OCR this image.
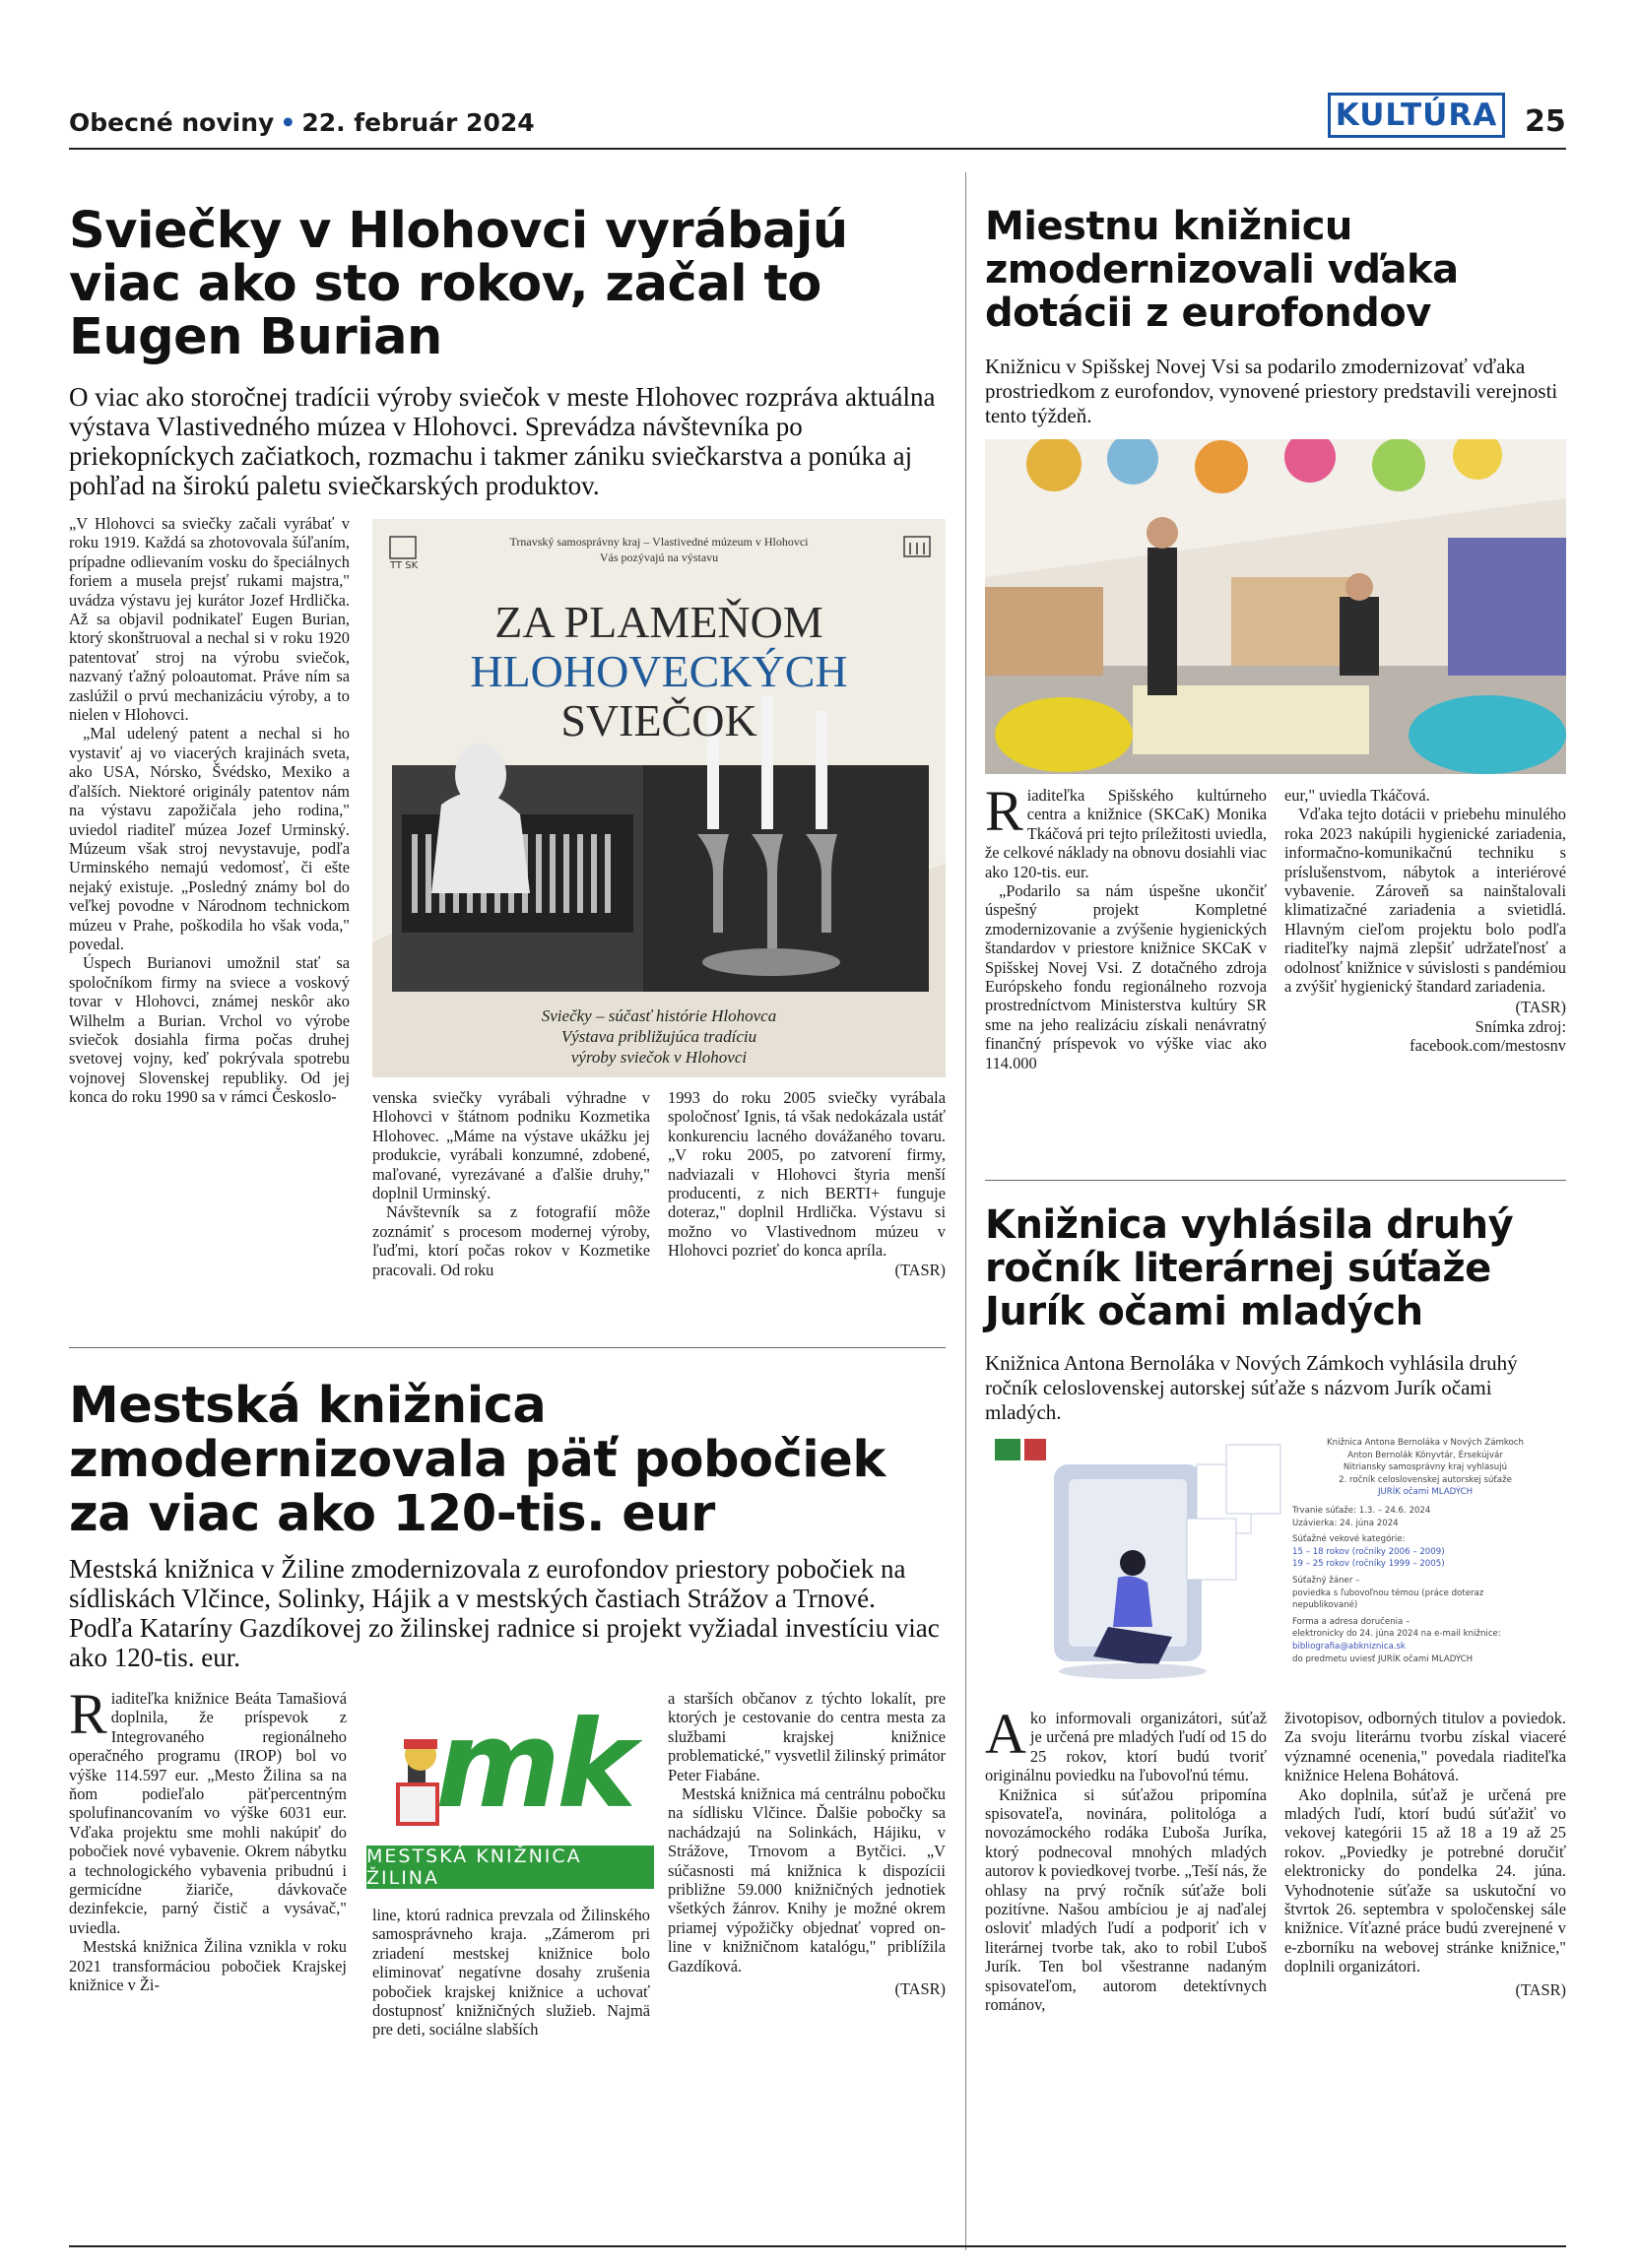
Obecné noviny • 22. február 2024	KULTÚRA 25
Sviečky v Hlohovci vyrábajú viac ako sto rokov, začal to Eugen Burian

O viac ako storočnej tradícii výroby sviečok v meste Hlohovec rozpráva aktuálna výstava Vlastivedného múzea v Hlohovci. Sprevádza návštevníka po priekopníckych začiatkoch, rozmachu i takmer zániku sviečkarstva a ponúka aj pohľad na širokú paletu sviečkarských produktov.

„V Hlohovci sa sviečky začali vyrábať v roku 1919. Každá sa zhotovovala šúľaním, prípadne odlievaním vosku do špeciálnych foriem a musela prejsť rukami majstra," uvádza výstavu jej kurátor Jozef Hrdlička. Až sa objavil podnikateľ Eugen Burian, ktorý skonštruoval a nechal si v roku 1920 patentovať stroj na výrobu sviečok, nazvaný ťažný poloautomat. Práve ním sa zaslúžil o prvú mechanizáciu výroby, a to nielen v Hlohovci.

„Mal udelený patent a nechal si ho vystaviť aj vo viacerých krajinách sveta, ako USA, Nórsko, Švédsko, Mexiko a ďalších. Niektoré originály patentov nám na výstavu zapožičala jeho rodina," uviedol riaditeľ múzea Jozef Urminský. Múzeum však stroj nevystavuje, podľa Urminského nemajú vedomosť, či ešte nejaký existuje. „Posledný známy bol do veľkej povodne v Národnom technickom múzeu v Prahe, poškodila ho však voda," povedal.

Úspech Burianovi umožnil stať sa spoločníkom firmy na sviece a voskový tovar v Hlohovci, známej neskôr ako Wilhelm a Burian. Vrchol vo výrobe sviečok dosiahla firma počas druhej svetovej vojny, keď pokrývala spotrebu vojnovej Slovenskej republiky. Od jej konca do roku 1990 sa v rámci Českoslo-

Trnavský samosprávny kraj – Vlastivedné múzeum v Hlohovci
Vás pozývajú na výstavu
TT SK
ZA PLAMEŇOM
HLOHOVECKÝCH
SVIEČOK
Sviečky – súčasť histórie Hlohovca
Výstava približujúca tradíciu
výroby sviečok v Hlohovci

venska sviečky vyrábali výhradne v Hlohovci v štátnom podniku Kozmetika Hlohovec. „Máme na výstave ukážku jej produkcie, vyrábali konzumné, zdobené, maľované, vyrezávané a ďalšie druhy," doplnil Urminský.

Návštevník sa z fotografií môže zoznámiť s procesom modernej výroby, ľuďmi, ktorí počas rokov v Kozmetike pracovali. Od roku

1993 do roku 2005 sviečky vyrábala spoločnosť Ignis, tá však nedokázala ustáť konkurenciu lacného dovážaného tovaru. „V roku 2005, po zatvorení firmy, nadviazali v Hlohovci štyria menší producenti, z nich BERTI+ funguje doteraz," doplnil Hrdlička. Výstavu si možno vo Vlastivednom múzeu v Hlohovci pozrieť do konca apríla.

(TASR)

Miestnu knižnicu zmodernizovali vďaka dotácii z eurofondov

Knižnicu v Spišskej Novej Vsi sa podarilo zmodernizovať vďaka prostriedkom z eurofondov, vynovené priestory predstavili verejnosti tento týždeň.

Riaditeľka Spišského kultúrneho centra a knižnice (SKCaK) Monika Tkáčová pri tejto príležitosti uviedla, že celkové náklady na obnovu dosiahli viac ako 120-tis. eur.

„Podarilo sa nám úspešne ukončiť úspešný projekt Kompletné zmodernizovanie a zvýšenie hygienických štandardov v priestore knižnice SKCaK v Spišskej Novej Vsi. Z dotačného zdroja Európskeho fondu regionálneho rozvoja prostredníctvom Ministerstva kultúry SR sme na jeho realizáciu získali nenávratný finančný príspevok vo výške viac ako 114.000

eur," uviedla Tkáčová.

Vďaka tejto dotácii v priebehu minulého roka 2023 nakúpili hygienické zariadenia, informačno-komunikačnú techniku s príslušenstvom, nábytok a interiérové vybavenie. Zároveň sa nainštalovali klimatizačné zariadenia a svietidlá. Hlavným cieľom projektu bolo podľa riaditeľky najmä zlepšiť udržateľnosť a odolnosť knižnice v súvislosti s pandémiou a zvýšiť hygienický štandard zariadenia.

(TASR)

Snímka zdroj:

facebook.com/mestosnv

Knižnica vyhlásila druhý ročník literárnej súťaže Jurík očami mladých

Knižnica Antona Bernoláka v Nových Zámkoch vyhlásila druhý ročník celoslovenskej autorskej súťaže s názvom Jurík očami mladých.

Knižnica Antona Bernoláka v Nových Zámkoch
Anton Bernolák Könyvtár, Érsekújvár
Nitriansky samosprávny kraj vyhlasujú
2. ročník celoslovenskej autorskej súťaže
JURÍK očami MLADÝCH
Trvanie súťaže: 1.3. – 24.6. 2024
Uzávierka: 24. júna 2024
Súťažné vekové kategórie:
15 – 18 rokov (ročníky 2006 – 2009)
19 – 25 rokov (ročníky 1999 – 2005)
Súťažný žáner –
poviedka s ľubovoľnou témou (práce doteraz
nepublikované)
Forma a adresa doručenia –
elektronicky do 24. júna 2024 na e-mail knižnice:
bibliografia@abkniznica.sk
do predmetu uviesť JURÍK očami MLADÝCH

Ako informovali organizátori, súťaž je určená pre mladých ľudí od 15 do 25 rokov, ktorí budú tvoriť originálnu poviedku na ľubovoľnú tému.

Knižnica si súťažou pripomína spisovateľa, novinára, politológa a novozámockého rodáka Ľuboša Juríka, ktorý podnecoval mnohých mladých autorov k poviedkovej tvorbe. „Teší nás, že ohlasy na prvý ročník súťaže boli pozitívne. Našou ambíciou je aj naďalej osloviť mladých ľudí a podporiť ich v literárnej tvorbe tak, ako to robil Ľuboš Jurík. Ten bol všestranne nadaným spisovateľom, autorom detektívnych románov,

životopisov, odborných titulov a poviedok. Za svoju literárnu tvorbu získal viaceré významné ocenenia," povedala riaditeľka knižnice Helena Bohátová.

Ako doplnila, súťaž je určená pre mladých ľudí, ktorí budú súťažiť vo vekovej kategórii 15 až 18 a 19 až 25 rokov. „Poviedky je potrebné doručiť elektronicky do pondelka 24. júna. Vyhodnotenie súťaže sa uskutoční vo štvrtok 26. septembra v spoločenskej sále knižnice. Víťazné práce budú zverejnené v e-zborníku na webovej stránke knižnice," doplnili organizátori.

(TASR)

Mestská knižnica zmodernizovala päť pobočiek za viac ako 120-tis. eur

Mestská knižnica v Žiline zmodernizovala z eurofondov priestory pobočiek na sídliskách Vlčince, Solinky, Hájik a v mestských častiach Strážov a Trnové. Podľa Kataríny Gazdíkovej zo žilinskej radnice si projekt vyžiadal investíciu viac ako 120-tis. eur.

Riaditeľka knižnice Beáta Tamašiová doplnila, že príspevok z Integrovaného regionálneho operačného programu (IROP) bol vo výške 114.597 eur. „Mesto Žilina sa na ňom podieľalo päťpercentným spolufinancovaním vo výške 6031 eur. Vďaka projektu sme mohli nakúpiť do pobočiek nové vybavenie. Okrem nábytku a technologického vybavenia pribudnú i germicídne žiariče, dávkovače dezinfekcie, parný čistič a vysávač," uviedla.

Mestská knižnica Žilina vznikla v roku 2021 transformáciou pobočiek Krajskej knižnice v Ži-

mk
MESTSKÁ KNIŽNICA ŽILINA

line, ktorú radnica prevzala od Žilinského samosprávneho kraja. „Zámerom pri zriadení mestskej knižnice bolo eliminovať negatívne dosahy zrušenia pobočiek krajskej knižnice a uchovať dostupnosť knižničných služieb. Najmä pre deti, sociálne slabších

a starších občanov z týchto lokalít, pre ktorých je cestovanie do centra mesta za službami krajskej knižnice problematické," vysvetlil žilinský primátor Peter Fiabáne.

Mestská knižnica má centrálnu pobočku na sídlisku Vlčince. Ďalšie pobočky sa nachádzajú na Solinkách, Hájiku, v Strážove, Trnovom a Bytčici. „V súčasnosti má knižnica k dispozícii približne 59.000 knižničných jednotiek všetkých žánrov. Knihy je možné okrem priamej výpožičky objednať vopred on-line v knižničnom katalógu," priblížila Gazdíková.

(TASR)
